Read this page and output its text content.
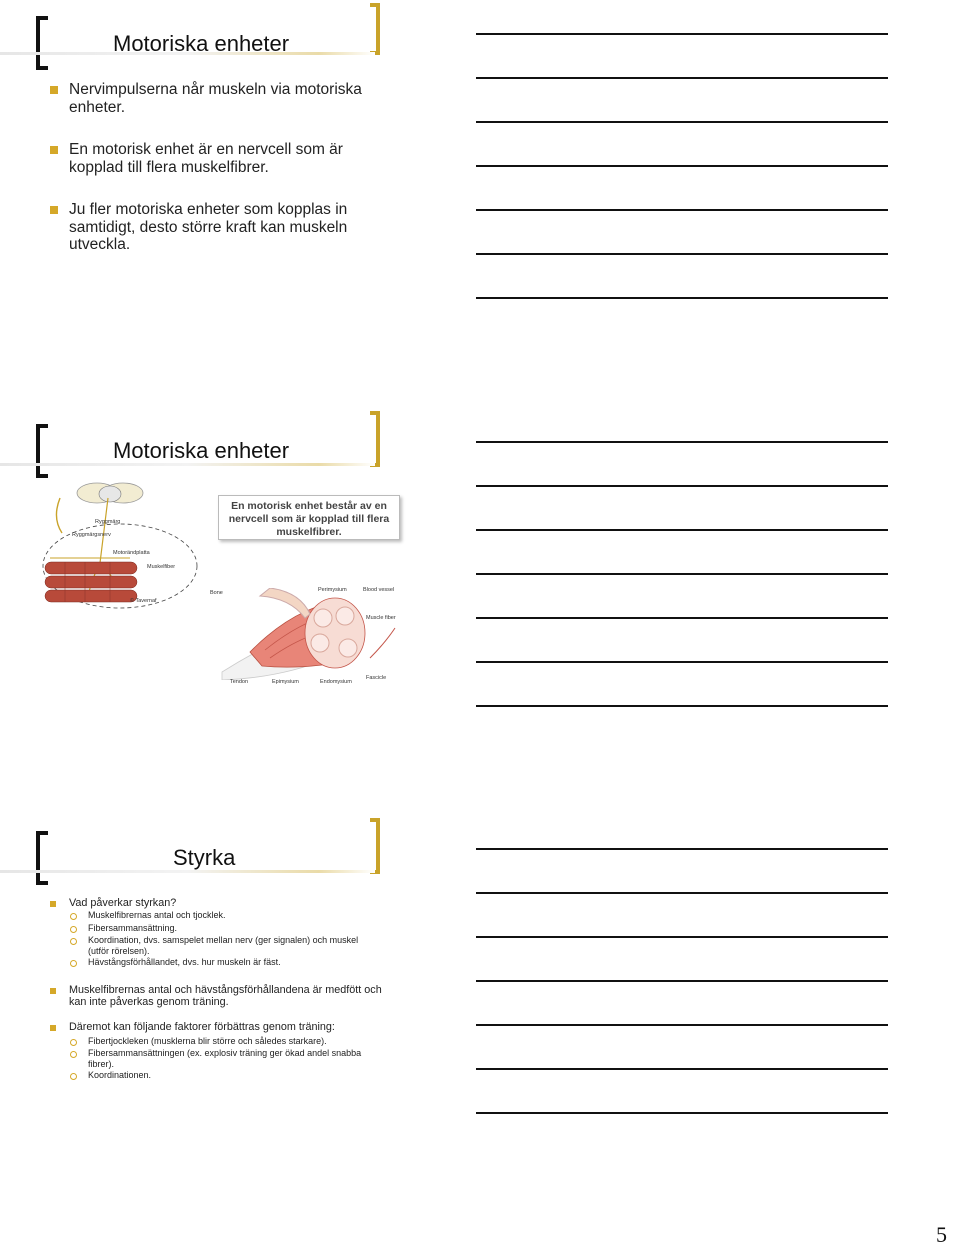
Motoriska enheter
Nervimpulserna når muskeln via motoriska enheter.
En motorisk enhet är en nervcell som är kopplad till flera muskelfibrer.
Ju fler motoriska enheter som kopplas in samtidigt, desto större kraft kan muskeln utveckla.
Motoriska enheter
En motorisk enhet består av en nervcell som är kopplad till flera muskelfibrer.
Ryggmärg
Ryggmärgsnerv
Motorändplatta
Muskelfiber
© Tavernaf
Bone	Perimysium	Blood vessel
Muscle fiber
Tendon	Epimysium	Endomysium
Fascicle
Styrka
Vad påverkar styrkan?
Muskelfibrernas antal och tjocklek.
Fibersammansättning.
Koordination, dvs. samspelet mellan nerv (ger signalen) och muskel (utför rörelsen).
Hävstångsförhållandet, dvs. hur muskeln är fäst.
Muskelfibrernas antal och hävstångsförhållandena är medfött och kan inte påverkas genom träning.
Däremot kan följande faktorer förbättras genom träning:
Fibertjockleken (musklerna blir större och således starkare).
Fibersammansättningen (ex. explosiv träning ger ökad andel snabba fibrer).
Koordinationen.
5
